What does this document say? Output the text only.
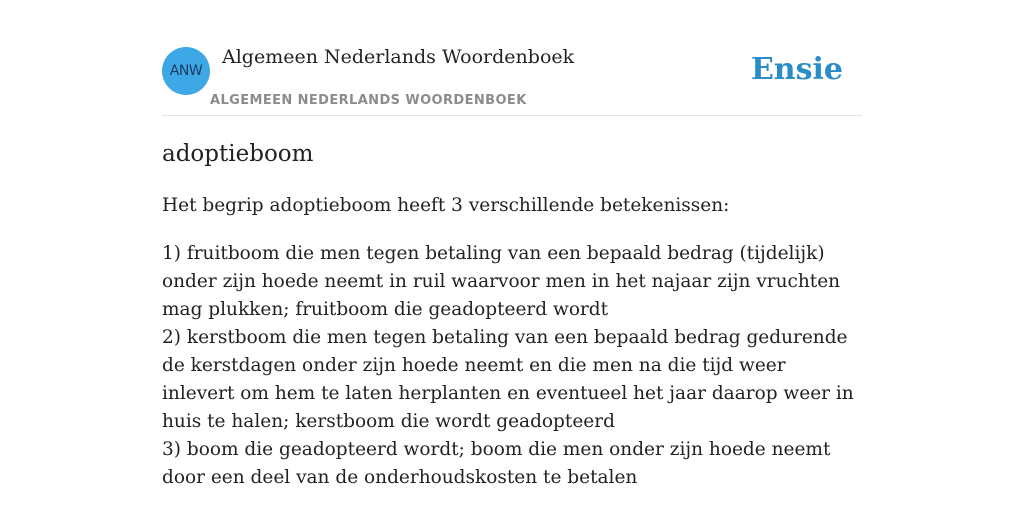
ANW
Algemeen Nederlands Woordenboek
ALGEMEEN NEDERLANDS WOORDENBOEK
Ensie
adoptieboom

Het begrip adoptieboom heeft 3 verschillende betekenissen:

1) fruitboom die men tegen betaling van een bepaald bedrag (tijdelijk) onder zijn hoede neemt in ruil waarvoor men in het najaar zijn vruchten mag plukken; fruitboom die geadopteerd wordt
2) kerstboom die men tegen betaling van een bepaald bedrag gedurende de kerstdagen onder zijn hoede neemt en die men na die tijd weer inlevert om hem te laten herplanten en eventueel het jaar daarop weer in huis te halen; kerstboom die wordt geadopteerd
3) boom die geadopteerd wordt; boom die men onder zijn hoede neemt door een deel van de onderhoudskosten te betalen
